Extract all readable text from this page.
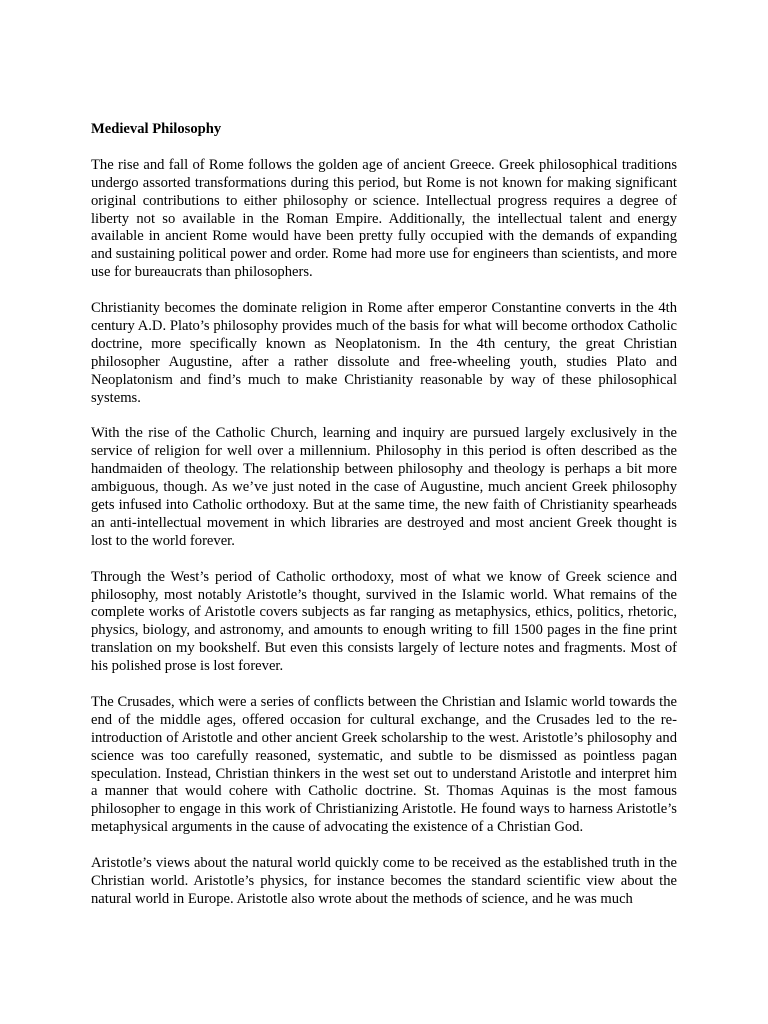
Medieval Philosophy

The rise and fall of Rome follows the golden age of ancient Greece. Greek philosophical traditions undergo assorted transformations during this period, but Rome is not known for making significant original contributions to either philosophy or science. Intellectual progress requires a degree of liberty not so available in the Roman Empire. Additionally, the intellectual talent and energy available in ancient Rome would have been pretty fully occupied with the demands of expanding and sustaining political power and order. Rome had more use for engineers than scientists, and more use for bureaucrats than philosophers.

Christianity becomes the dominate religion in Rome after emperor Constantine converts in the 4th century A.D. Plato’s philosophy provides much of the basis for what will become orthodox Catholic doctrine, more specifically known as Neoplatonism. In the 4th century, the great Christian philosopher Augustine, after a rather dissolute and free-wheeling youth, studies Plato and Neoplatonism and find’s much to make Christianity reasonable by way of these philosophical systems.

With the rise of the Catholic Church, learning and inquiry are pursued largely exclusively in the service of religion for well over a millennium. Philosophy in this period is often described as the handmaiden of theology. The relationship between philosophy and theology is perhaps a bit more ambiguous, though. As we’ve just noted in the case of Augustine, much ancient Greek philosophy gets infused into Catholic orthodoxy. But at the same time, the new faith of Christianity spearheads an anti-intellectual movement in which libraries are destroyed and most ancient Greek thought is lost to the world forever.

Through the West’s period of Catholic orthodoxy, most of what we know of Greek science and philosophy, most notably Aristotle’s thought, survived in the Islamic world. What remains of the complete works of Aristotle covers subjects as far ranging as metaphysics, ethics, politics, rhetoric, physics, biology, and astronomy, and amounts to enough writing to fill 1500 pages in the fine print translation on my bookshelf. But even this consists largely of lecture notes and fragments. Most of his polished prose is lost forever.

The Crusades, which were a series of conflicts between the Christian and Islamic world towards the end of the middle ages, offered occasion for cultural exchange, and the Crusades led to the re-introduction of Aristotle and other ancient Greek scholarship to the west. Aristotle’s philosophy and science was too carefully reasoned, systematic, and subtle to be dismissed as pointless pagan speculation. Instead, Christian thinkers in the west set out to understand Aristotle and interpret him a manner that would cohere with Catholic doctrine. St. Thomas Aquinas is the most famous philosopher to engage in this work of Christianizing Aristotle. He found ways to harness Aristotle’s metaphysical arguments in the cause of advocating the existence of a Christian God.

Aristotle’s views about the natural world quickly come to be received as the established truth in the Christian world. Aristotle’s physics, for instance becomes the standard scientific view about the natural world in Europe. Aristotle also wrote about the methods of science, and he was much
